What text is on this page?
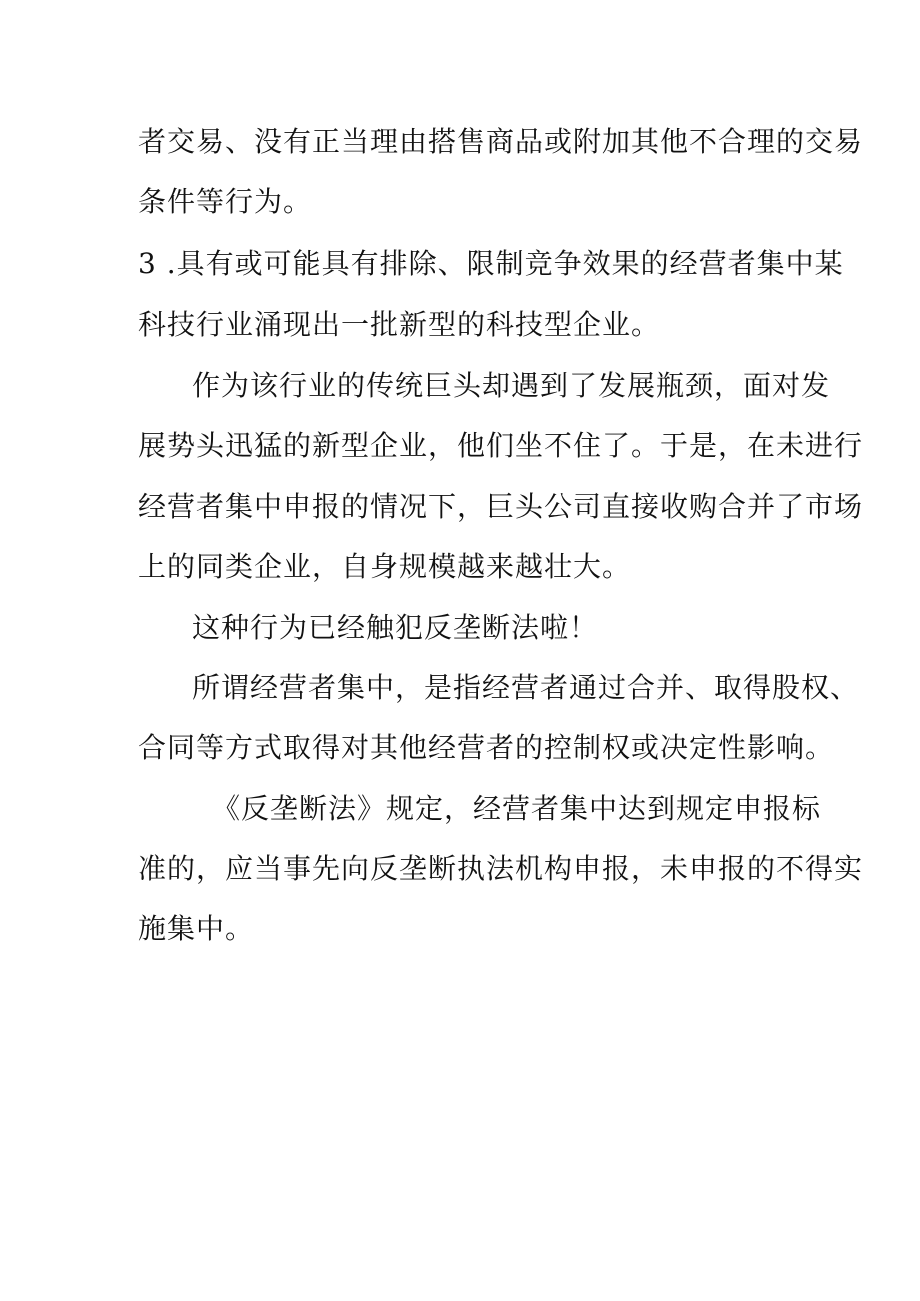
者交易、没有正当理由搭售商品或附加其他不合理的交易
条件等行为。
3 .具有或可能具有排除、限制竞争效果的经营者集中某
科技行业涌现出一批新型的科技型企业。
作为该行业的传统巨头却遇到了发展瓶颈，面对发
展势头迅猛的新型企业，他们坐不住了。于是，在未进行
经营者集中申报的情况下，巨头公司直接收购合并了市场
上的同类企业，自身规模越来越壮大。
这种行为已经触犯反垄断法啦！
所谓经营者集中，是指经营者通过合并、取得股权、
合同等方式取得对其他经营者的控制权或决定性影响。
《反垄断法》规定，经营者集中达到规定申报标
准的，应当事先向反垄断执法机构申报，未申报的不得实
施集中。
